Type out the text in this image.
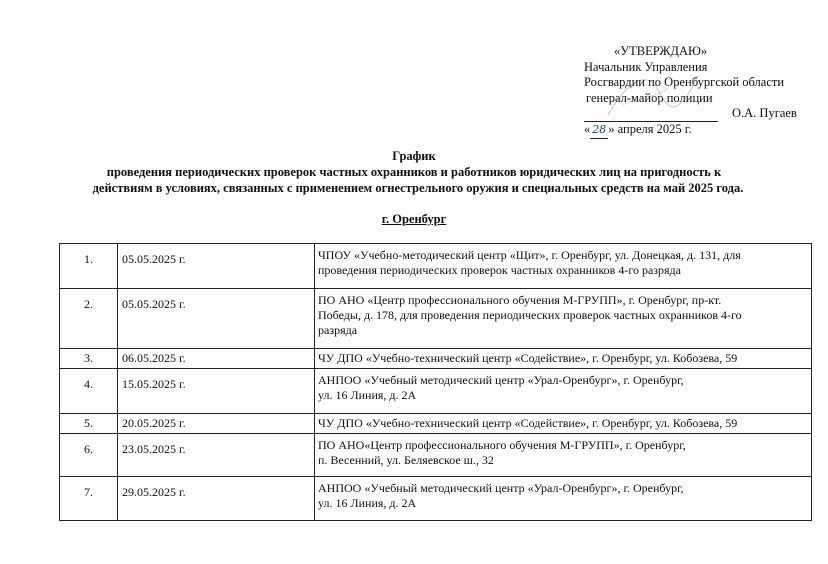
«УТВЕРЖДАЮ»
Начальник Управления
Росгвардии по Оренбургской области
генерал-майор полиции
О.А. Пугаев
« 28 » апреля 2025 г.
График
проведения периодических проверок частных охранников и работников юридических лиц на пригодность к
действиям в условиях, связанных с применением огнестрельного оружия и специальных средств на май 2025 года.
г. Оренбург
1.	05.05.2025 г.	ЧПОУ «Учебно-методический центр «Щит», г. Оренбург, ул. Донецкая, д. 131, для
проведения периодических проверок частных охранников 4-го разряда

2.	05.05.2025 г.	ПО АНО «Центр профессионального обучения М-ГРУПП», г. Оренбург, пр-кт.
Победы, д. 178, для проведения периодических проверок частных охранников 4-го
разряда

3.	06.05.2025 г.	ЧУ ДПО «Учебно-технический центр «Содействие», г. Оренбург, ул. Кобозева, 59

4.	15.05.2025 г.	АНПОО «Учебный методический центр «Урал-Оренбург», г. Оренбург,
ул. 16 Линия, д. 2А

5.	20.05.2025 г.	ЧУ ДПО «Учебно-технический центр «Содействие», г. Оренбург, ул. Кобозева, 59

6.	23.05.2025 г.	ПО АНО«Центр профессионального обучения М-ГРУПП», г. Оренбург,
п. Весенний, ул. Беляевское ш., 32

7.	29.05.2025 г.	АНПОО «Учебный методический центр «Урал-Оренбург», г. Оренбург,
ул. 16 Линия, д. 2А
